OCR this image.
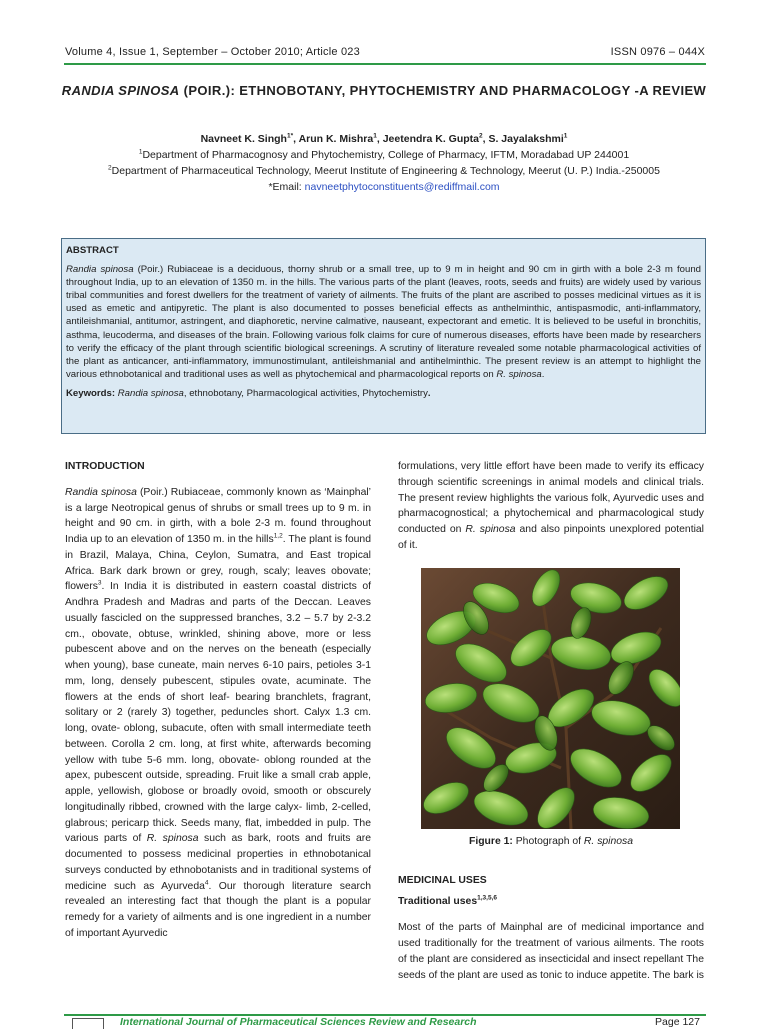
Volume 4, Issue 1, September – October 2010; Article 023	ISSN 0976 – 044X
RANDIA SPINOSA (POIR.): ETHNOBOTANY, PHYTOCHEMISTRY AND PHARMACOLOGY -A REVIEW
Navneet K. Singh$^{1*}$, Arun K. Mishra$^1$, Jeetendra K. Gupta$^2$, S. Jayalakshmi$^1$
$^1$Department of Pharmacognosy and Phytochemistry, College of Pharmacy, IFTM, Moradabad UP 244001
$^2$Department of Pharmaceutical Technology, Meerut Institute of Engineering & Technology, Meerut (U. P.) India.-250005
*Email: navneetphytoconstituents@rediffmail.com
ABSTRACT

Randia spinosa (Poir.) Rubiaceae is a deciduous, thorny shrub or a small tree, up to 9 m in height and 90 cm in girth with a bole 2-3 m found throughout India, up to an elevation of 1350 m. in the hills. The various parts of the plant (leaves, roots, seeds and fruits) are widely used by various tribal communities and forest dwellers for the treatment of variety of ailments. The fruits of the plant are ascribed to posses medicinal virtues as it is used as emetic and antipyretic. The plant is also documented to posses beneficial effects as anthelminthic, antispasmodic, anti-inflammatory, antileishmanial, antitumor, astringent, and diaphoretic, nervine calmative, nauseant, expectorant and emetic. It is believed to be useful in bronchitis, asthma, leucoderma, and diseases of the brain. Following various folk claims for cure of numerous diseases, efforts have been made by researchers to verify the efficacy of the plant through scientific biological screenings. A scrutiny of literature revealed some notable pharmacological activities of the plant as anticancer, anti-inflammatory, immunostimulant, antileishmanial and antihelminthic. The present review is an attempt to highlight the various ethnobotanical and traditional uses as well as phytochemical and pharmacological reports on R. spinosa.

Keywords: Randia spinosa, ethnobotany, Pharmacological activities, Phytochemistry.

INTRODUCTION

Randia spinosa (Poir.) Rubiaceae, commonly known as ‘Mainphal’ is a large Neotropical genus of shrubs or small trees up to 9 m. in height and 90 cm. in girth, with a bole 2-3 m. found throughout India up to an elevation of 1350 m. in the hills$^{1,2}$. The plant is found in Brazil, Malaya, China, Ceylon, Sumatra, and East tropical Africa. Bark dark brown or grey, rough, scaly; leaves obovate; flowers$^3$. In India it is distributed in eastern coastal districts of Andhra Pradesh and Madras and parts of the Deccan. Leaves usually fascicled on the suppressed branches, 3.2 – 5.7 by 2-3.2 cm., obovate, obtuse, wrinkled, shining above, more or less pubescent above and on the nerves on the beneath (especially when young), base cuneate, main nerves 6-10 pairs, petioles 3-1 mm, long, densely pubescent, stipules ovate, acuminate. The flowers at the ends of short leaf- bearing branchlets, fragrant, solitary or 2 (rarely 3) together, peduncles short. Calyx 1.3 cm. long, ovate- oblong, subacute, often with small intermediate teeth between. Corolla 2 cm. long, at first white, afterwards becoming yellow with tube 5-6 mm. long, obovate- oblong rounded at the apex, pubescent outside, spreading. Fruit like a small crab apple, apple, yellowish, globose or broadly ovoid, smooth or obscurely longitudinally ribbed, crowned with the large calyx- limb, 2-celled, glabrous; pericarp thick. Seeds many, flat, imbedded in pulp. The various parts of R. spinosa such as bark, roots and fruits are documented to possess medicinal properties in ethnobotanical surveys conducted by ethnobotanists and in traditional systems of medicine such as Ayurveda$^4$. Our thorough literature search revealed an interesting fact that though the plant is a popular remedy for a variety of ailments and is one ingredient in a number of important Ayurvedic

formulations, very little effort have been made to verify its efficacy through scientific screenings in animal models and clinical trials. The present review highlights the various folk, Ayurvedic uses and pharmacognostical; a phytochemical and pharmacological study conducted on R. spinosa and also pinpoints unexplored potential of it.

Figure 1: Photograph of R. spinosa
MEDICINAL USES
Traditional uses$^{1,3,5,6}$
Most of the parts of Mainphal are of medicinal importance and used traditionally for the treatment of various ailments. The roots of the plant are considered as insecticidal and insect repellant The seeds of the plant are used as tonic to induce appetite. The bark is
International Journal of Pharmaceutical Sciences Review and Research	Page 127
